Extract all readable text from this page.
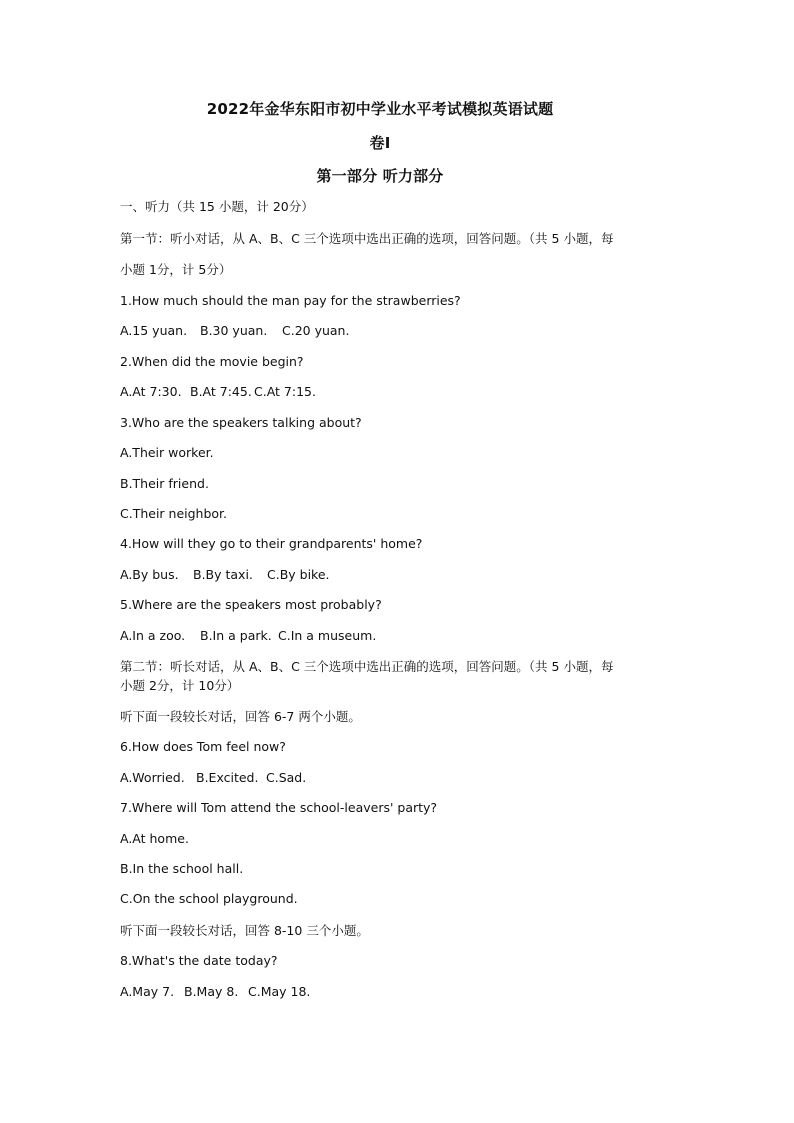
2022年金华东阳市初中学业水平考试模拟英语试题
卷Ⅰ
第一部分 听力部分
一、听力（共 15 小题，计 20分）
第一节：听小对话，从 A、B、C 三个选项中选出正确的选项，回答问题。（共 5 小题，每
小题 1分，计 5分）
1.How much should the man pay for the strawberries?
A.15 yuan. B.30 yuan. C.20 yuan.
2.When did the movie begin?
A.At 7:30. B.At 7:45. C.At 7:15.
3.Who are the speakers talking about?
A.Their worker.
B.Their friend.
C.Their neighbor.
4.How will they go to their grandparents' home?
A.By bus. B.By taxi. C.By bike.
5.Where are the speakers most probably?
A.In a zoo. B.In a park. C.In a museum.
第二节：听长对话，从 A、B、C 三个选项中选出正确的选项，回答问题。（共 5 小题，每
小题 2分，计 10分）
听下面一段较长对话，回答 6-7 两个小题。
6.How does Tom feel now?
A.Worried. B.Excited. C.Sad.
7.Where will Tom attend the school-leavers' party?
A.At home.
B.In the school hall.
C.On the school playground.
听下面一段较长对话，回答 8-10 三个小题。
8.What's the date today?
A.May 7. B.May 8. C.May 18.
